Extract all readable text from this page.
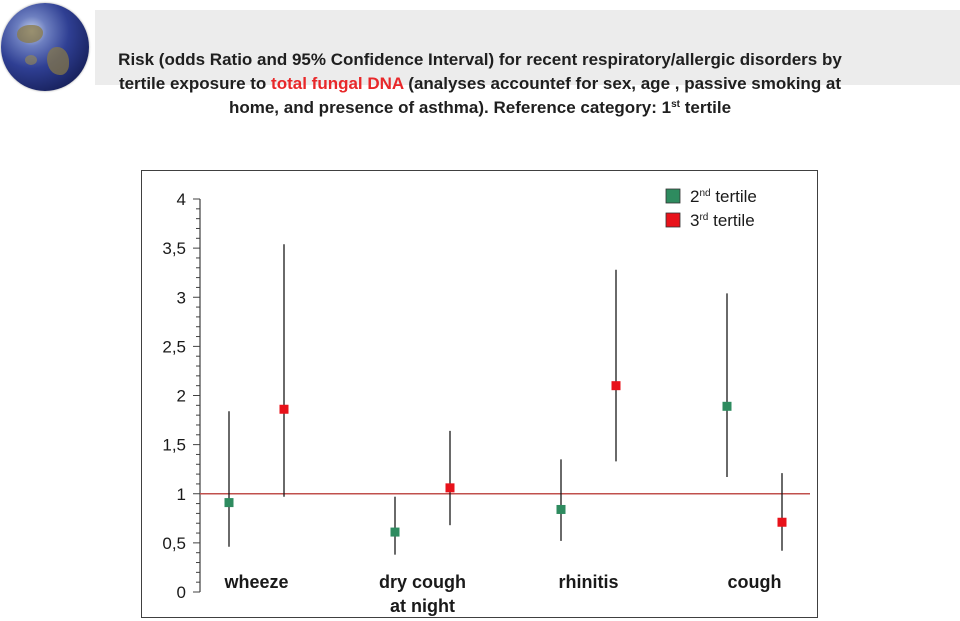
Risk (odds Ratio and 95% Confidence Interval) for recent respiratory/allergic disorders by
tertile exposure to total fungal DNA (analyses accountef for sex, age , passive smoking at
home, and presence of asthma). Reference category: 1st tertile

0
0,5
1
1,5
2
2,5
3
3,5
4
wheeze	dry cough
at night
rhinitis	cough
2nd tertile
3rd tertile
